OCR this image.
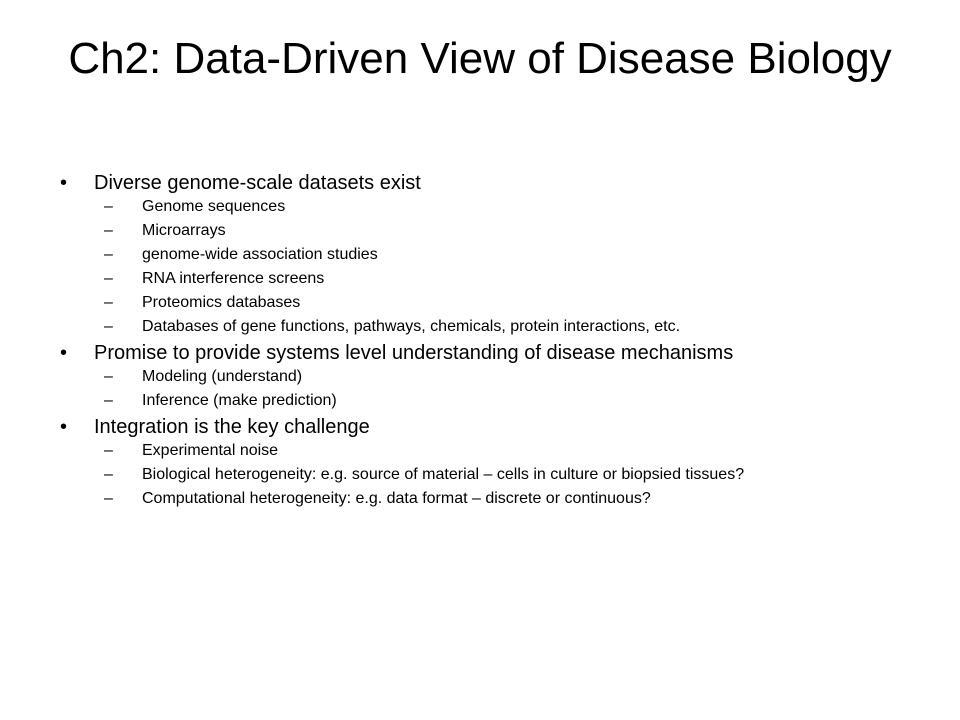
Ch2: Data-Driven View of Disease Biology
• Diverse genome-scale datasets exist
– Genome sequences
– Microarrays
– genome-wide association studies
– RNA interference screens
– Proteomics databases
– Databases of gene functions, pathways, chemicals, protein interactions, etc.
• Promise to provide systems level understanding of disease mechanisms
– Modeling (understand)
– Inference (make prediction)
• Integration is the key challenge
– Experimental noise
– Biological heterogeneity: e.g. source of material – cells in culture or biopsied tissues?
– Computational heterogeneity: e.g. data format – discrete or continuous?
